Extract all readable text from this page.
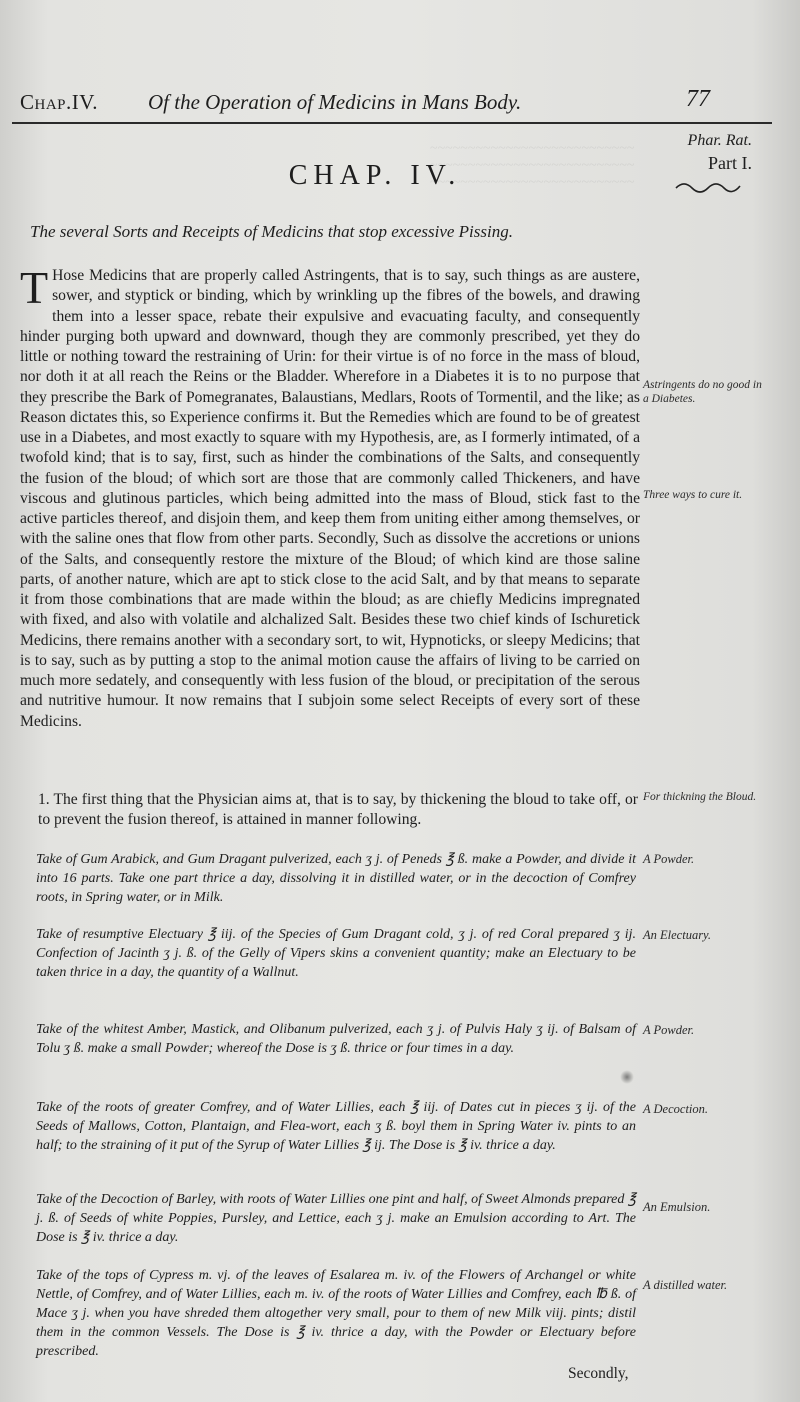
~~~~~~~~~~~~~~~~~~~~~~~~~~~
~~~~~~~~~~~~~~~~~~~~~~~~~~~
~~~~~~~~~~~~~~~~~~~~~~~~~~~
Chap.IV. Of the Operation of Medicins in Mans Body.	77
Phar. Rat.
Part I.
CHAP. IV.
The several Sorts and Receipts of Medicins that stop excessive Pissing.

T Hose Medicins that are properly called Astringents, that is to say, such things as are austere, sower, and styptick or binding, which by wrinkling up the fibres of the bowels, and drawing them into a lesser space, rebate their expulsive and evacuating faculty, and consequently hinder purging both upward and downward, though they are commonly prescribed, yet they do little or nothing toward the restraining of Urin: for their virtue is of no force in the mass of bloud, nor doth it at all reach the Reins or the Bladder. Wherefore in a Diabetes it is to no purpose that they prescribe the Bark of Pomegranates, Balaustians, Medlars, Roots of Tormentil, and the like; as Reason dictates this, so Experience confirms it. But the Remedies which are found to be of greatest use in a Diabetes, and most exactly to square with my Hypothesis, are, as I formerly intimated, of a twofold kind; that is to say, first, such as hinder the combinations of the Salts, and consequently the fusion of the bloud; of which sort are those that are commonly called Thickeners, and have viscous and glutinous particles, which being admitted into the mass of Bloud, stick fast to the active particles thereof, and disjoin them, and keep them from uniting either among themselves, or with the saline ones that flow from other parts. Secondly, Such as dissolve the accretions or unions of the Salts, and consequently restore the mixture of the Bloud; of which kind are those saline parts, of another nature, which are apt to stick close to the acid Salt, and by that means to separate it from those combinations that are made within the bloud; as are chiefly Medicins impregnated with fixed, and also with volatile and alchalized Salt. Besides these two chief kinds of Ischuretick Medicins, there remains another with a secondary sort, to wit, Hypnoticks, or sleepy Medicins; that is to say, such as by putting a stop to the animal motion cause the affairs of living to be carried on much more sedately, and consequently with less fusion of the bloud, or precipitation of the serous and nutritive humour. It now remains that I subjoin some select Receipts of every sort of these Medicins.

Astringents do no good in a Diabetes.
Three ways to cure it.
1. The first thing that the Physician aims at, that is to say, by thickening the bloud to take off, or to prevent the fusion thereof, is attained in manner following.
For thickning the Bloud.
Take of Gum Arabick, and Gum Dragant pulverized, each ʒ j. of Peneds ℥ ß. make a Powder, and divide it into 16 parts. Take one part thrice a day, dissolving it in distilled water, or in the decoction of Comfrey roots, in Spring water, or in Milk.
A Powder.
Take of resumptive Electuary ℥ iij. of the Species of Gum Dragant cold, ʒ j. of red Coral prepared ʒ ij. Confection of Jacinth ʒ j. ß. of the Gelly of Vipers skins a convenient quantity; make an Electuary to be taken thrice in a day, the quantity of a Wallnut.
An Electuary.
Take of the whitest Amber, Mastick, and Olibanum pulverized, each ʒ j. of Pulvis Haly ʒ ij. of Balsam of Tolu ʒ ß. make a small Powder; whereof the Dose is ʒ ß. thrice or four times in a day.
A Powder.
Take of the roots of greater Comfrey, and of Water Lillies, each ℥ iij. of Dates cut in pieces ʒ ij. of the Seeds of Mallows, Cotton, Plantaign, and Flea-wort, each ʒ ß. boyl them in Spring Water iv. pints to an half; to the straining of it put of the Syrup of Water Lillies ℥ ij. The Dose is ℥ iv. thrice a day.
A Decoction.
Take of the Decoction of Barley, with roots of Water Lillies one pint and half, of Sweet Almonds prepared ℥ j. ß. of Seeds of white Poppies, Pursley, and Lettice, each ʒ j. make an Emulsion according to Art. The Dose is ℥ iv. thrice a day.
An Emulsion.
Take of the tops of Cypress m. vj. of the leaves of Esalarea m. iv. of the Flowers of Archangel or white Nettle, of Comfrey, and of Water Lillies, each m. iv. of the roots of Water Lillies and Comfrey, each ℔ ß. of Mace ʒ j. when you have shreded them altogether very small, pour to them of new Milk viij. pints; distil them in the common Vessels. The Dose is ℥ iv. thrice a day, with the Powder or Electuary before prescribed.
A distilled water.
Secondly,
